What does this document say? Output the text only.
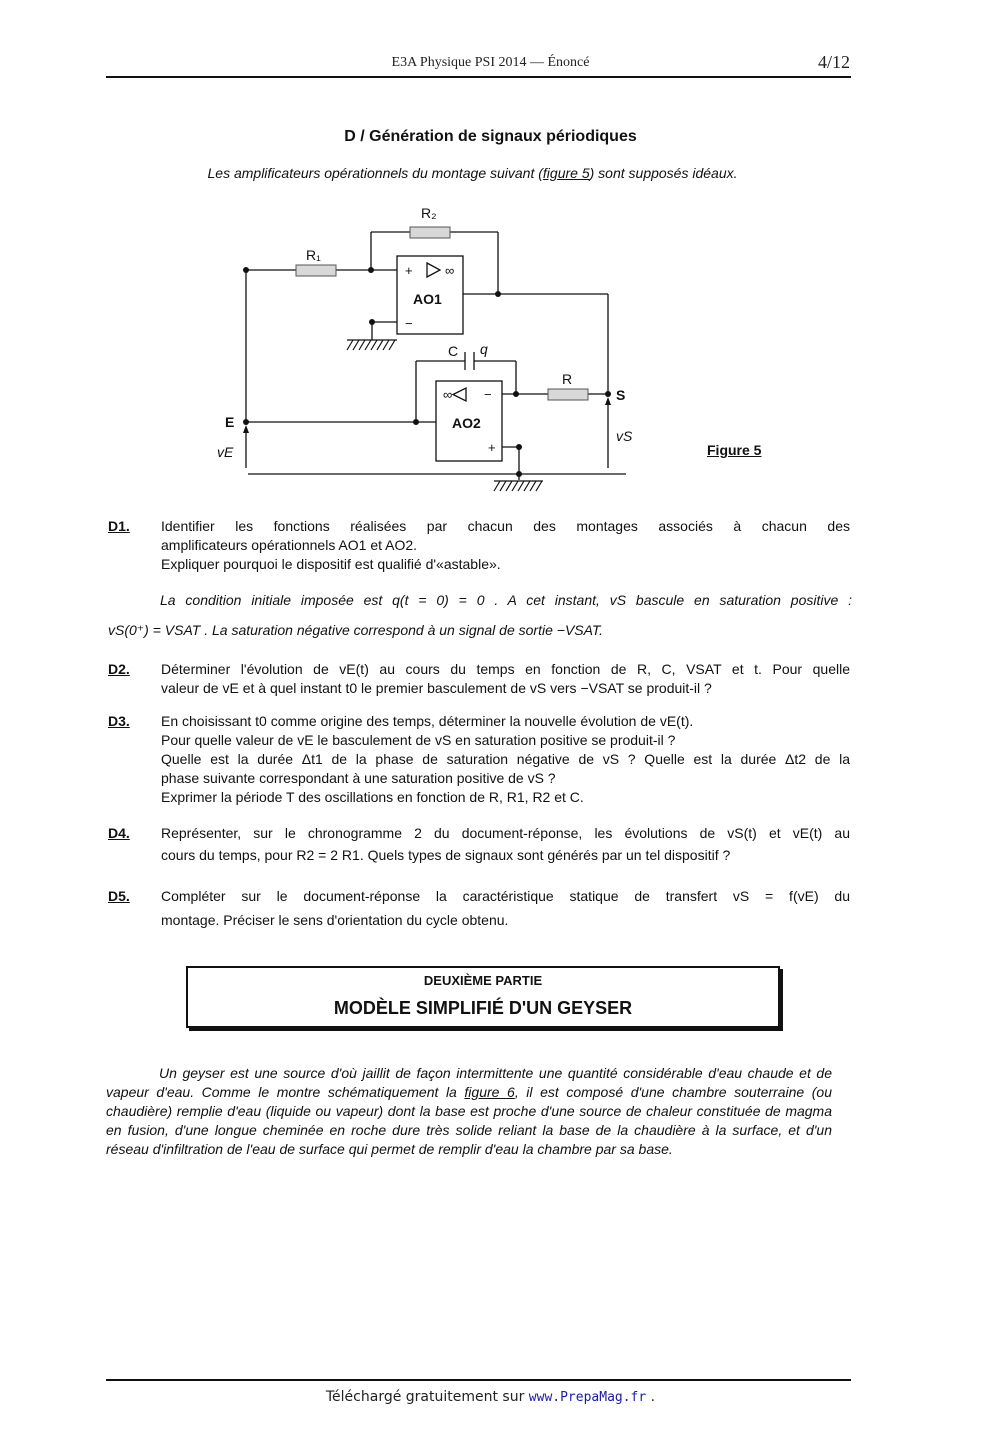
E3A Physique PSI 2014 — Énoncé	4/12
D / Génération de signaux périodiques
Les amplificateurs opérationnels du montage suivant (figure 5) sont supposés idéaux.
R₁
R₂
R
C q
AO1
AO2
E
S
vE
vS
+
−
∞
∞ −
+	Figure 5
D1. Identifier les fonctions réalisées par chacun des montages associés à chacun des
amplificateurs opérationnels AO1 et AO2.
Expliquer pourquoi le dispositif est qualifié d'«astable».
La condition initiale imposée est q(t = 0) = 0 . A cet instant, vS bascule en saturation positive :
vS(0⁺) = VSAT . La saturation négative correspond à un signal de sortie −VSAT.
D2. Déterminer l'évolution de vE(t) au cours du temps en fonction de R, C, VSAT et t. Pour quelle
valeur de vE et à quel instant t0 le premier basculement de vS vers −VSAT se produit-il ?
D3. En choisissant t0 comme origine des temps, déterminer la nouvelle évolution de vE(t).
Pour quelle valeur de vE le basculement de vS en saturation positive se produit-il ?
Quelle est la durée Δt1 de la phase de saturation négative de vS ? Quelle est la durée Δt2 de la
phase suivante correspondant à une saturation positive de vS ?
Exprimer la période T des oscillations en fonction de R, R1, R2 et C.
D4. Représenter, sur le chronogramme 2 du document-réponse, les évolutions de vS(t) et vE(t) au
cours du temps, pour R2 = 2 R1. Quels types de signaux sont générés par un tel dispositif ?
D5. Compléter sur le document-réponse la caractéristique statique de transfert vS = f(vE) du
montage. Préciser le sens d'orientation du cycle obtenu.
DEUXIÈME PARTIE
MODÈLE SIMPLIFIÉ D'UN GEYSER
Un geyser est une source d'où jaillit de façon intermittente une quantité considérable d'eau chaude et de vapeur d'eau. Comme le montre schématiquement la figure 6, il est composé d'une chambre souterraine (ou chaudière) remplie d'eau (liquide ou vapeur) dont la base est proche d'une source de chaleur constituée de magma en fusion, d'une longue cheminée en roche dure très solide reliant la base de la chaudière à la surface, et d'un réseau d'infiltration de l'eau de surface qui permet de remplir d'eau la chambre par sa base.
Téléchargé gratuitement sur www.PrepaMag.fr .
